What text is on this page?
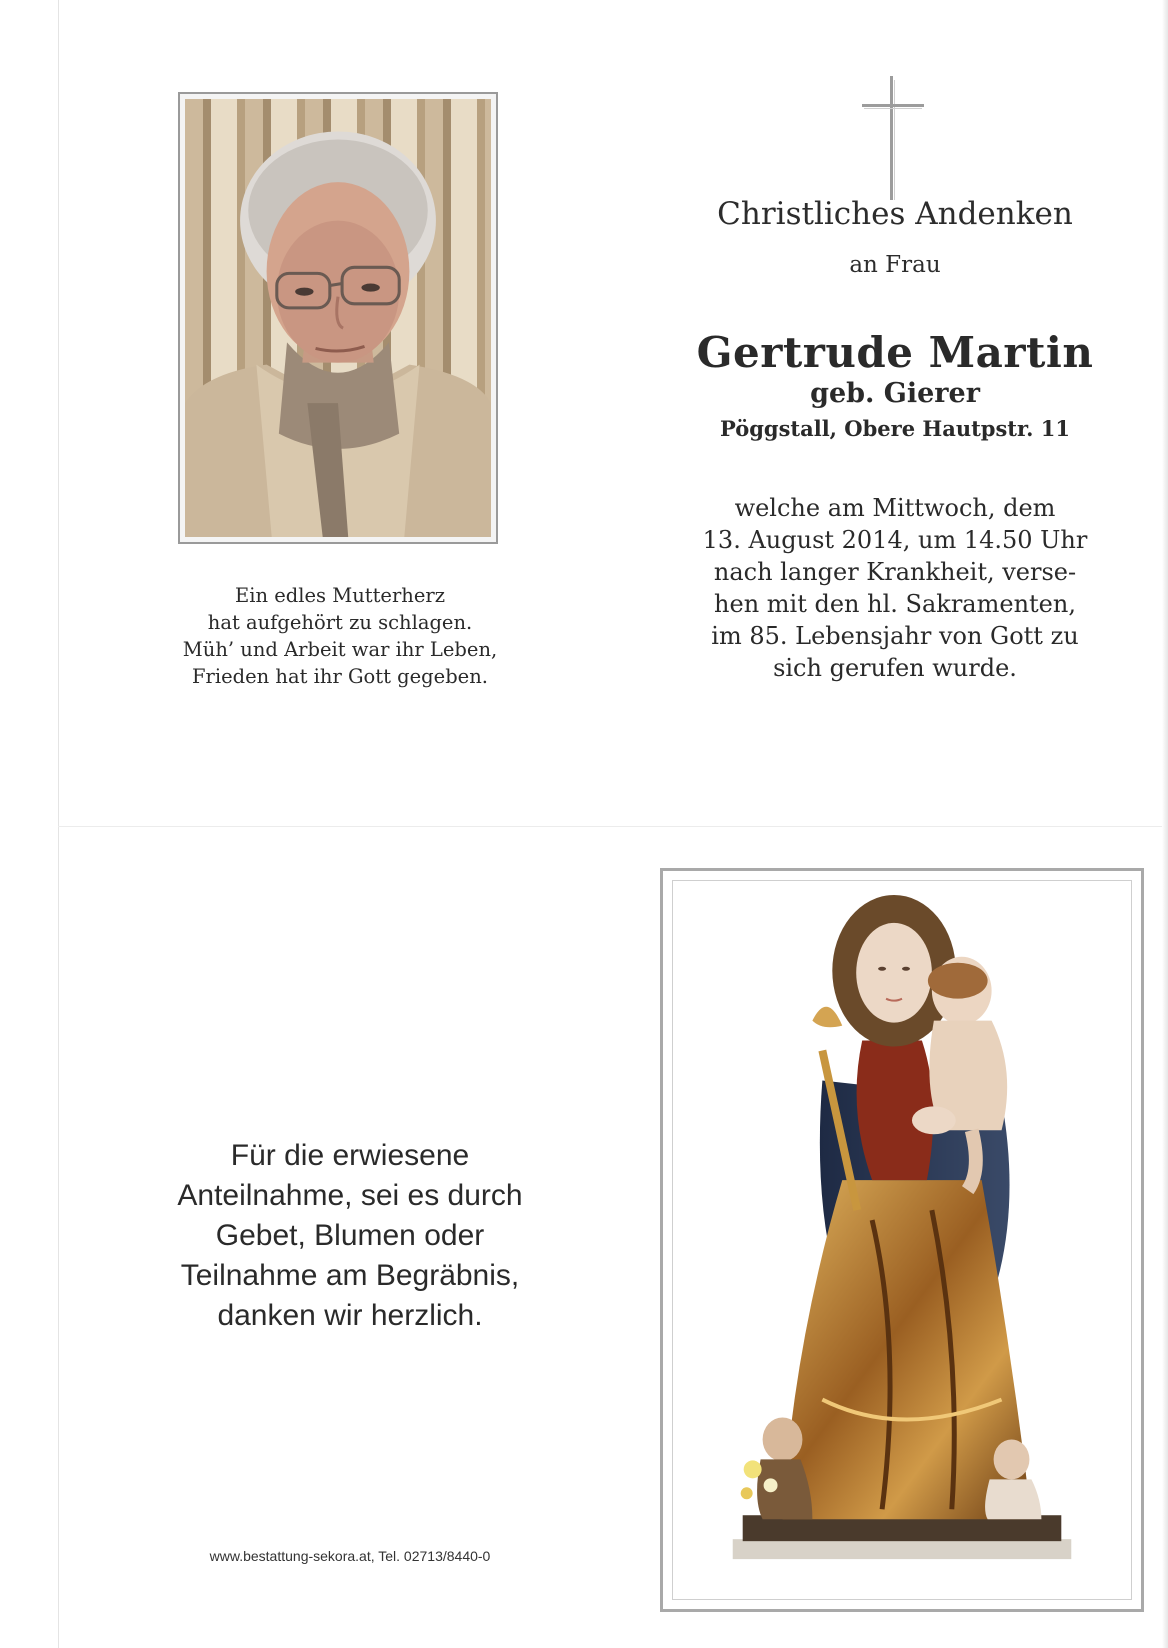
Ein edles Mutterherz
hat aufgehört zu schlagen.
Müh’ und Arbeit war ihr Leben,
Frieden hat ihr Gott gegeben.
Christliches Andenken
an Frau
Gertrude Martin
geb. Gierer
Pöggstall, Obere Hautpstr. 11
welche am Mittwoch, dem
13. August 2014, um 14.50 Uhr
nach langer Krankheit, verse-
hen mit den hl. Sakramenten,
im 85. Lebensjahr von Gott zu
sich gerufen wurde.
Für die erwiesene
Anteilnahme, sei es durch
Gebet, Blumen oder
Teilnahme am Begräbnis,
danken wir herzlich.
www.bestattung-sekora.at, Tel. 02713/8440-0
